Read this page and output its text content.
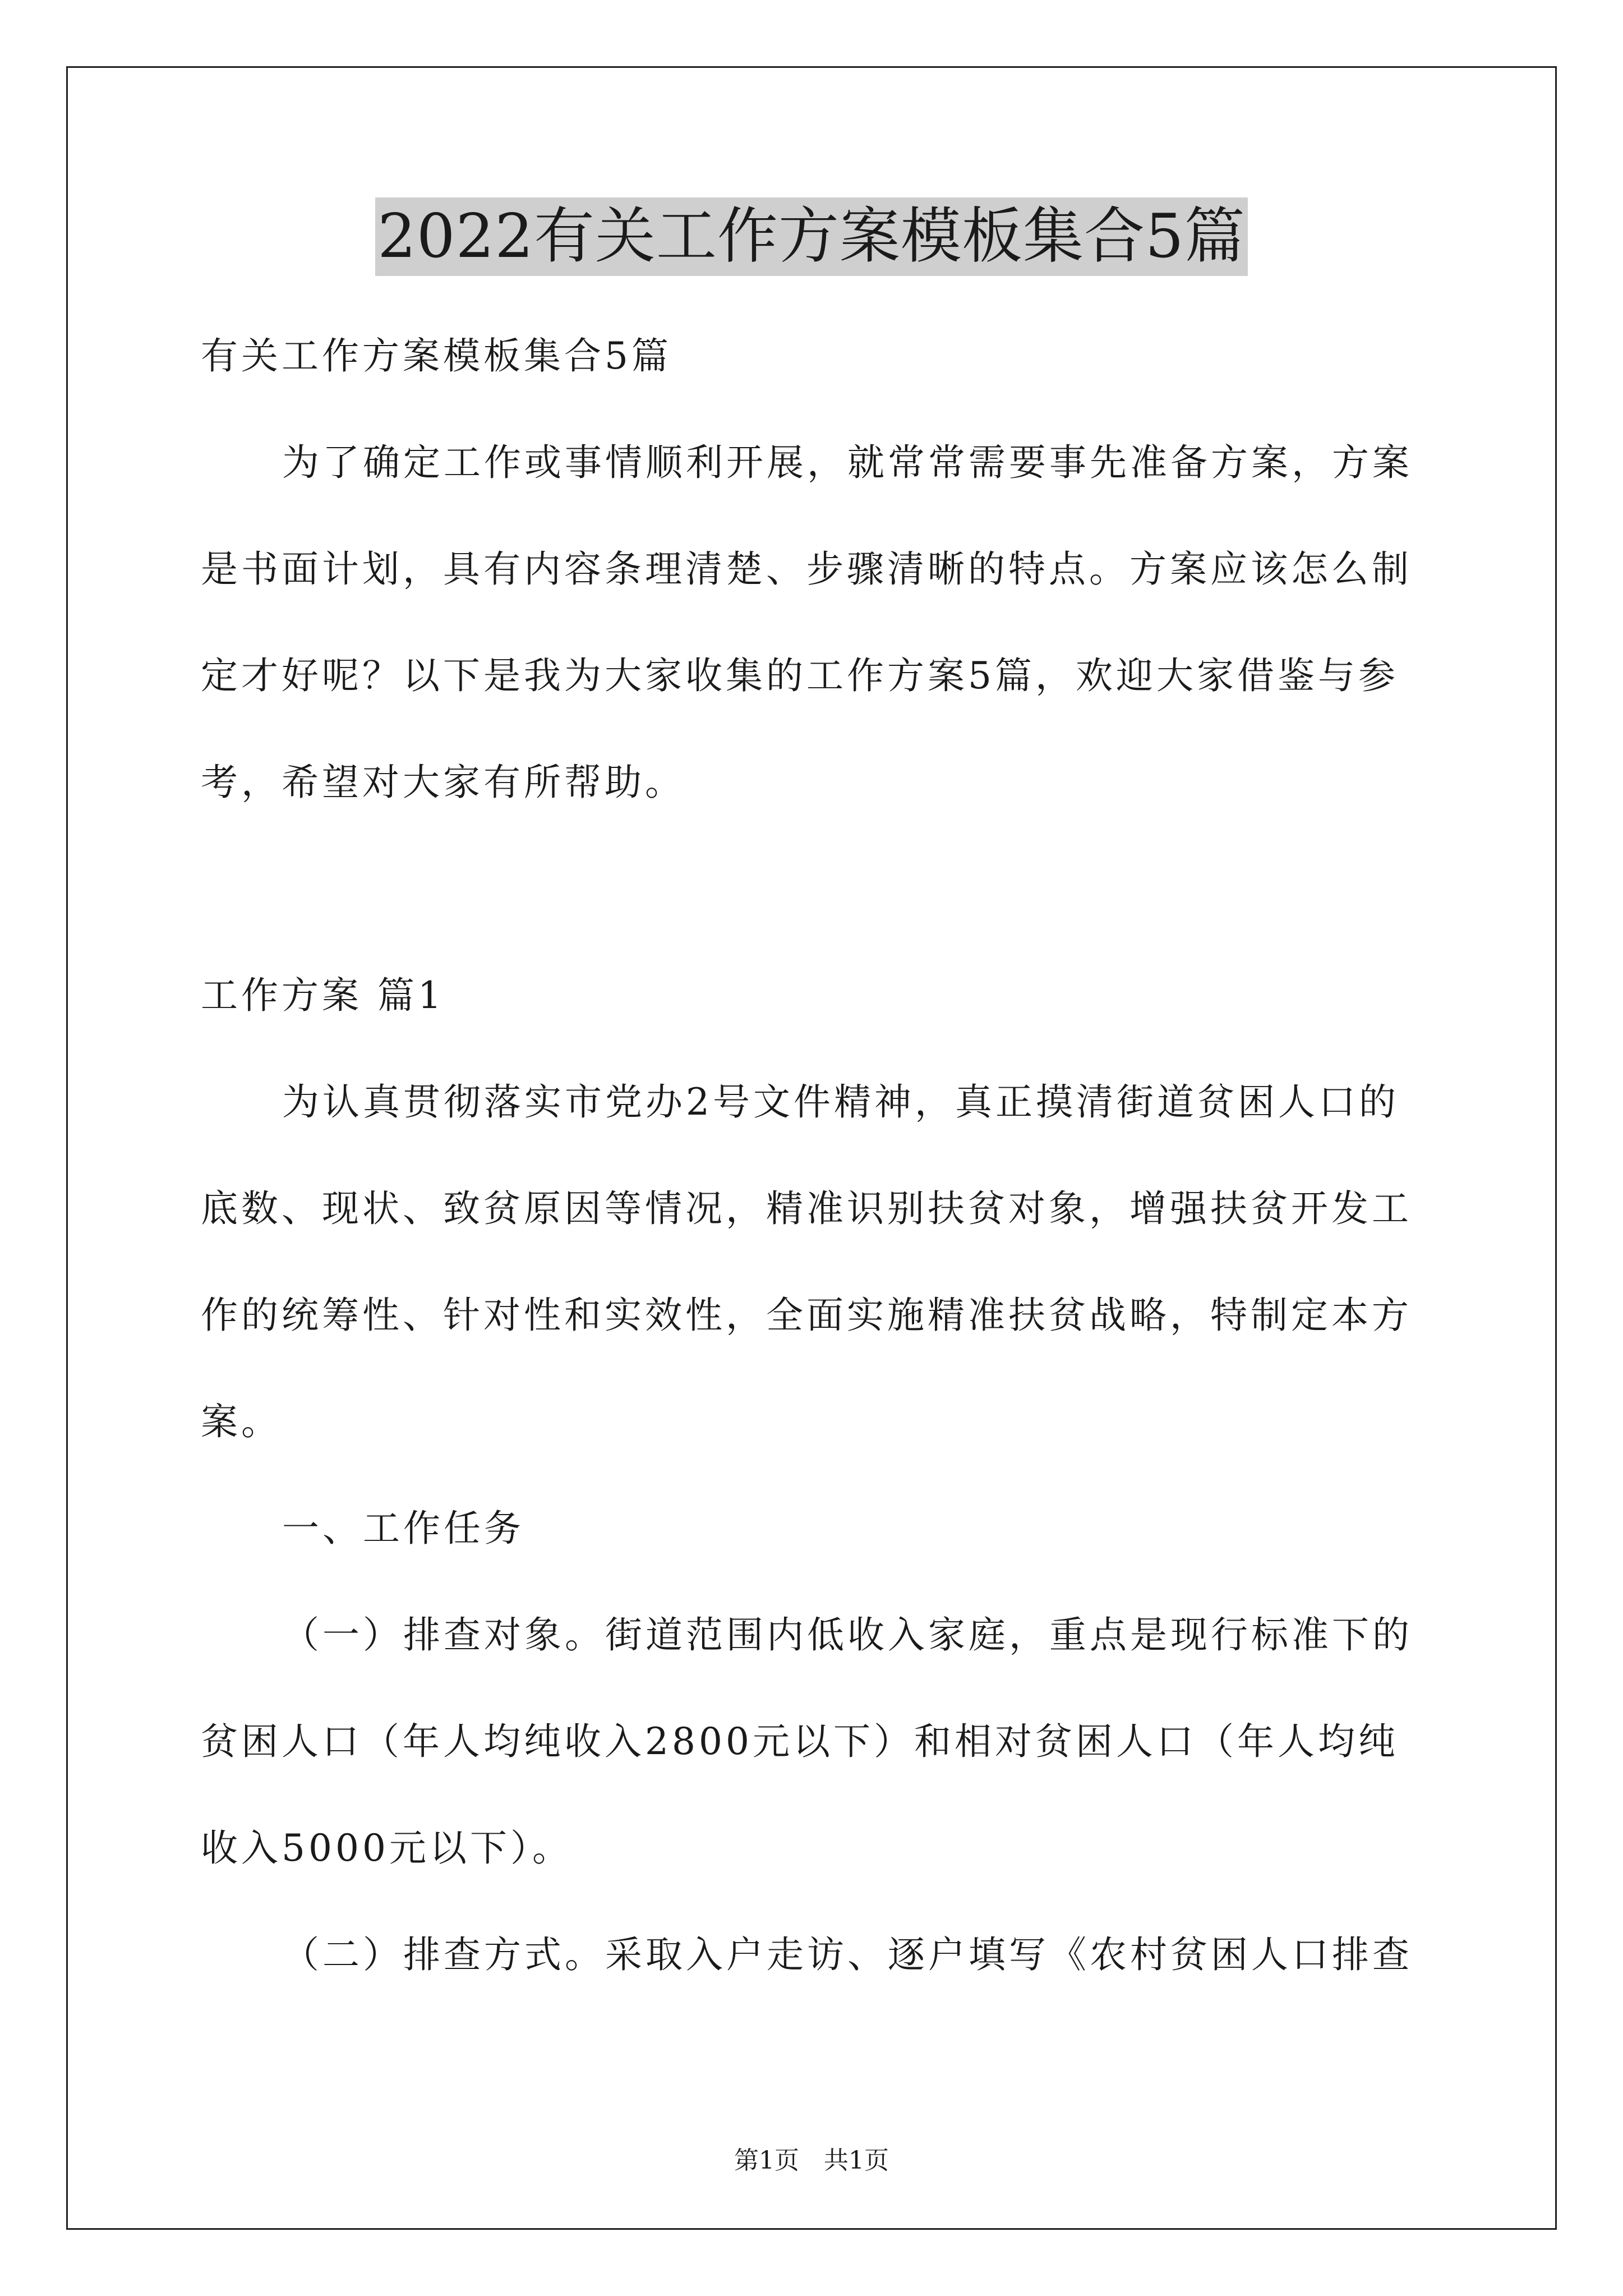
2022有关工作方案模板集合5篇

有关工作方案模板集合5篇

为了确定工作或事情顺利开展，就常常需要事先准备方案，方案是书面计划，具有内容条理清楚、步骤清晰的特点。方案应该怎么制定才好呢？以下是我为大家收集的工作方案5篇，欢迎大家借鉴与参考，希望对大家有所帮助。

工作方案 篇1

为认真贯彻落实市党办2号文件精神，真正摸清街道贫困人口的底数、现状、致贫原因等情况，精准识别扶贫对象，增强扶贫开发工作的统筹性、针对性和实效性，全面实施精准扶贫战略，特制定本方案。

一、工作任务

（一）排查对象。街道范围内低收入家庭，重点是现行标准下的贫困人口（年人均纯收入2800元以下）和相对贫困人口（年人均纯收入5000元以下）。

（二）排查方式。采取入户走访、逐户填写《农村贫困人口排查

第1页　共1页
